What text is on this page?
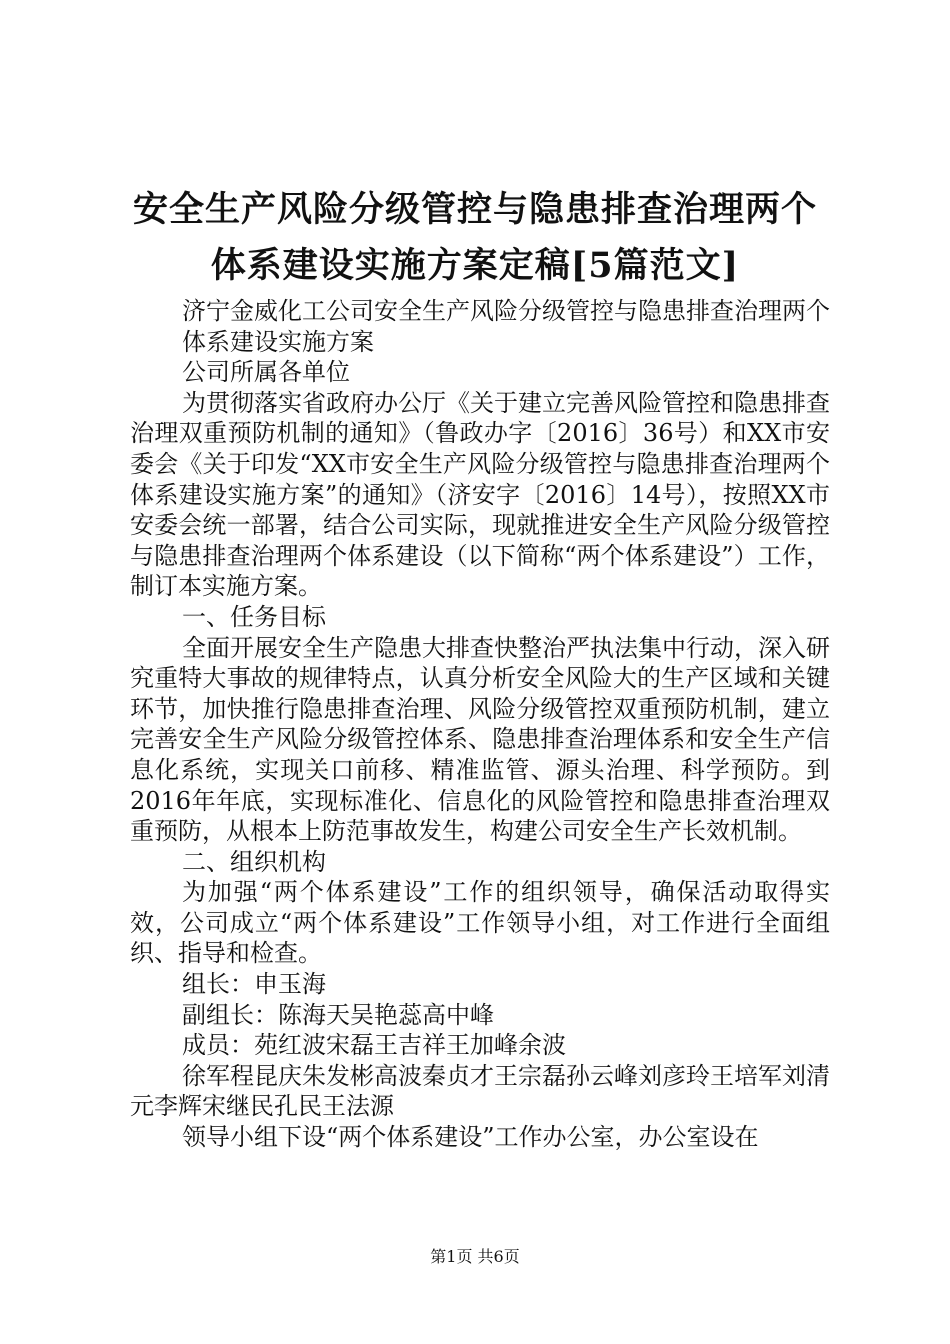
安全生产风险分级管控与隐患排查治理两个体系建设实施方案定稿[5篇范文]

济宁金威化工公司安全生产风险分级管控与隐患排查治理两个体系建设实施方案

公司所属各单位

为贯彻落实省政府办公厅《关于建立完善风险管控和隐患排查治理双重预防机制的通知》（鲁政办字〔2016〕36号）和XX市安委会《关于印发“XX市安全生产风险分级管控与隐患排查治理两个体系建设实施方案”的通知》（济安字〔2016〕14号），按照XX市安委会统一部署，结合公司实际，现就推进安全生产风险分级管控与隐患排查治理两个体系建设（以下简称“两个体系建设”）工作，制订本实施方案。

一、任务目标

全面开展安全生产隐患大排查快整治严执法集中行动，深入研究重特大事故的规律特点，认真分析安全风险大的生产区域和关键环节，加快推行隐患排查治理、风险分级管控双重预防机制，建立完善安全生产风险分级管控体系、隐患排查治理体系和安全生产信息化系统，实现关口前移、精准监管、源头治理、科学预防。到2016年年底，实现标准化、信息化的风险管控和隐患排查治理双重预防，从根本上防范事故发生，构建公司安全生产长效机制。

二、组织机构

为加强“两个体系建设”工作的组织领导，确保活动取得实效，公司成立“两个体系建设”工作领导小组，对工作进行全面组织、指导和检查。

组长：申玉海

副组长：陈海天吴艳蕊高中峰

成员：苑红波宋磊王吉祥王加峰余波

徐军程昆庆朱发彬高波秦贞才王宗磊孙云峰刘彦玲王培军刘清元李辉宋继民孔民王法源

领导小组下设“两个体系建设”工作办公室，办公室设在

第1页 共6页
